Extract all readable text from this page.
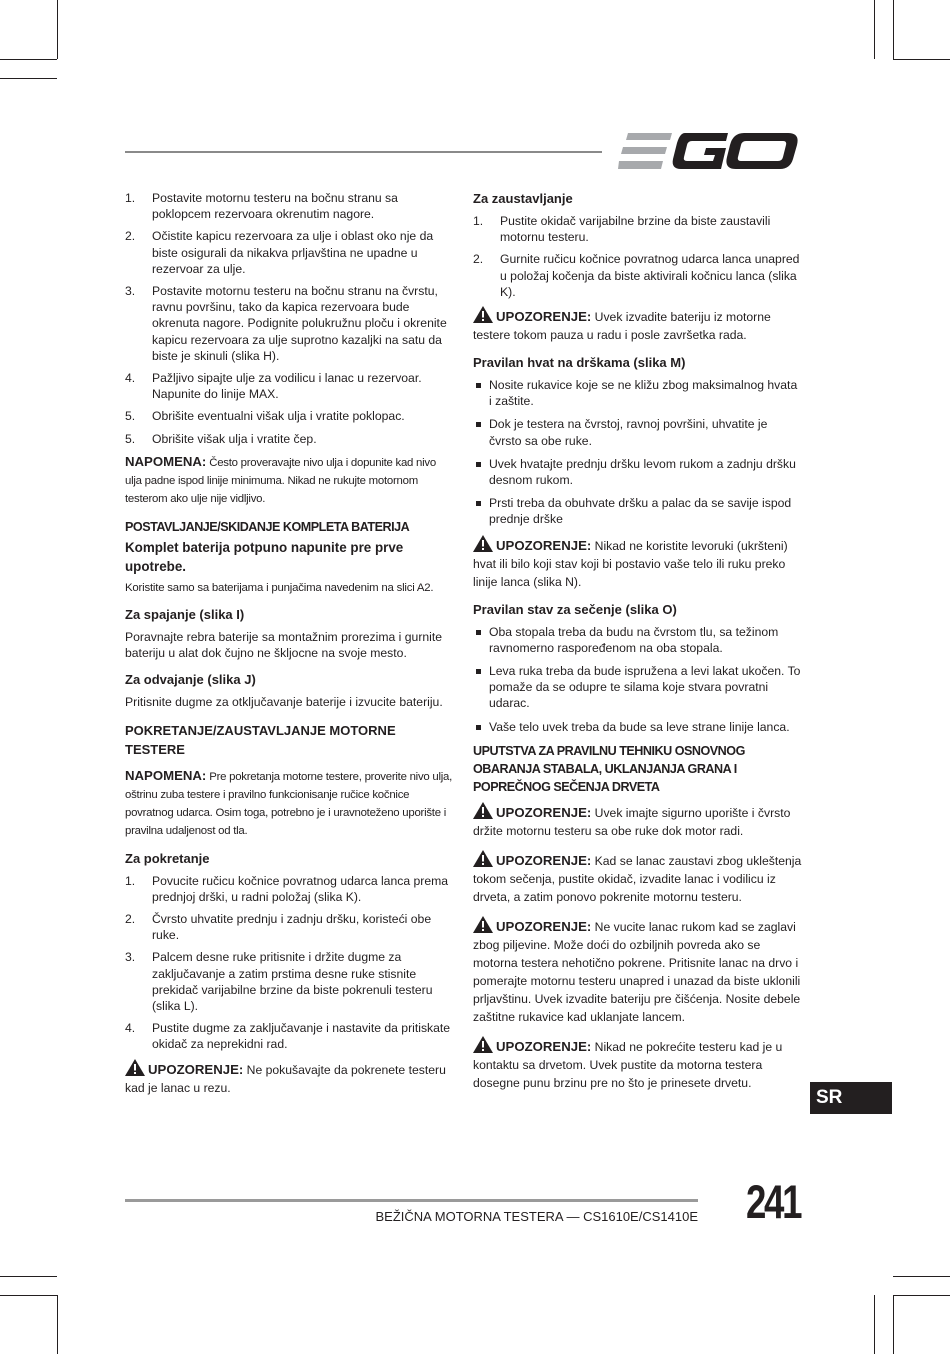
1. Postavite motornu testeru na bočnu stranu sa poklopcem rezervoara okrenutim nagore.
2. Očistite kapicu rezervoara za ulje i oblast oko nje da biste osigurali da nikakva prljavština ne upadne u rezervoar za ulje.
3. Postavite motornu testeru na bočnu stranu na čvrstu, ravnu površinu, tako da kapica rezervoara bude okrenuta nagore. Podignite polukružnu ploču i okrenite kapicu rezervoara za ulje suprotno kazaljki na satu da biste je skinuli (slika H).
4. Pažljivo sipajte ulje za vodilicu i lanac u rezervoar. Napunite do linije MAX.
5. Obrišite eventualni višak ulja i vratite poklopac.
5. Obrišite višak ulja i vratite čep.

NAPOMENA: Često proveravajte nivo ulja i dopunite kad nivo ulja padne ispod linije minimuma. Nikad ne rukujte motornom testerom ako ulje nije vidljivo.

POSTAVLJANJE/SKIDANJE KOMPLETA BATERIJA
Komplet baterija potpuno napunite pre prve upotrebe.

Koristite samo sa baterijama i punjačima navedenim na slici A2.

Za spajanje (slika I)

Poravnajte rebra baterije sa montažnim prorezima i gurnite bateriju u alat dok čujno ne škljocne na svoje mesto.

Za odvajanje (slika J)

Pritisnite dugme za otključavanje baterije i izvucite bateriju.

POKRETANJE/ZAUSTAVLJANJE MOTORNE TESTERE

NAPOMENA: Pre pokretanja motorne testere, proverite nivo ulja, oštrinu zuba testere i pravilno funkcionisanje ručice kočnice povratnog udarca. Osim toga, potrebno je i uravnoteženo uporište i pravilna udaljenost od tla.

Za pokretanje
1. Povucite ručicu kočnice povratnog udarca lanca prema prednjoj drški, u radni položaj (slika K).
2. Čvrsto uhvatite prednju i zadnju dršku, koristeći obe ruke.
3. Palcem desne ruke pritisnite i držite dugme za zaključavanje a zatim prstima desne ruke stisnite prekidač varijabilne brzine da biste pokrenuli testeru (slika L).
4. Pustite dugme za zaključavanje i nastavite da pritiskate okidač za neprekidni rad.

UPOZORENJE: Ne pokušavajte da pokrenete testeru kad je lanac u rezu.

Za zaustavljanje
1. Pustite okidač varijabilne brzine da biste zaustavili motornu testeru.
2. Gurnite ručicu kočnice povratnog udarca lanca unapred u položaj kočenja da biste aktivirali kočnicu lanca (slika K).

UPOZORENJE: Uvek izvadite bateriju iz motorne testere tokom pauza u radu i posle završetka rada.

Pravilan hvat na drškama (slika M)
Nosite rukavice koje se ne kližu zbog maksimalnog hvata i zaštite.
Dok je testera na čvrstoj, ravnoj površini, uhvatite je čvrsto sa obe ruke.
Uvek hvatajte prednju dršku levom rukom a zadnju dršku desnom rukom.
Prsti treba da obuhvate dršku a palac da se savije ispod prednje drške

UPOZORENJE: Nikad ne koristite levoruki (ukršteni) hvat ili bilo koji stav koji bi postavio vaše telo ili ruku preko linije lanca (slika N).

Pravilan stav za sečenje (slika O)
Oba stopala treba da budu na čvrstom tlu, sa težinom ravnomerno raspoređenom na oba stopala.
Leva ruka treba da bude ispružena a levi lakat ukočen. To pomaže da se odupre te silama koje stvara povratni udarac.
Vaše telo uvek treba da bude sa leve strane linije lanca.
UPUTSTVA ZA PRAVILNU TEHNIKU OSNOVNOG OBARANJA STABALA, UKLANJANJA GRANA I POPREČNOG SEČENJA DRVETA

UPOZORENJE: Uvek imajte sigurno uporište i čvrsto držite motornu testeru sa obe ruke dok motor radi.

UPOZORENJE: Kad se lanac zaustavi zbog ukleštenja tokom sečenja, pustite okidač, izvadite lanac i vodilicu iz drveta, a zatim ponovo pokrenite motornu testeru.

UPOZORENJE: Ne vucite lanac rukom kad se zaglavi zbog piljevine. Može doći do ozbiljnih povreda ako se motorna testera nehotično pokrene. Pritisnite lanac na drvo i pomerajte motornu testeru unapred i unazad da biste uklonili prljavštinu. Uvek izvadite bateriju pre čišćenja. Nosite debele zaštitne rukavice kad uklanjate lancem.

UPOZORENJE: Nikad ne pokrećite testeru kad je u kontaktu sa drvetom. Uvek pustite da motorna testera dosegne punu brzinu pre no što je prinesete drvetu.

SR
BEŽIČNA MOTORNA TESTERA — CS1610E/CS1410E 241
